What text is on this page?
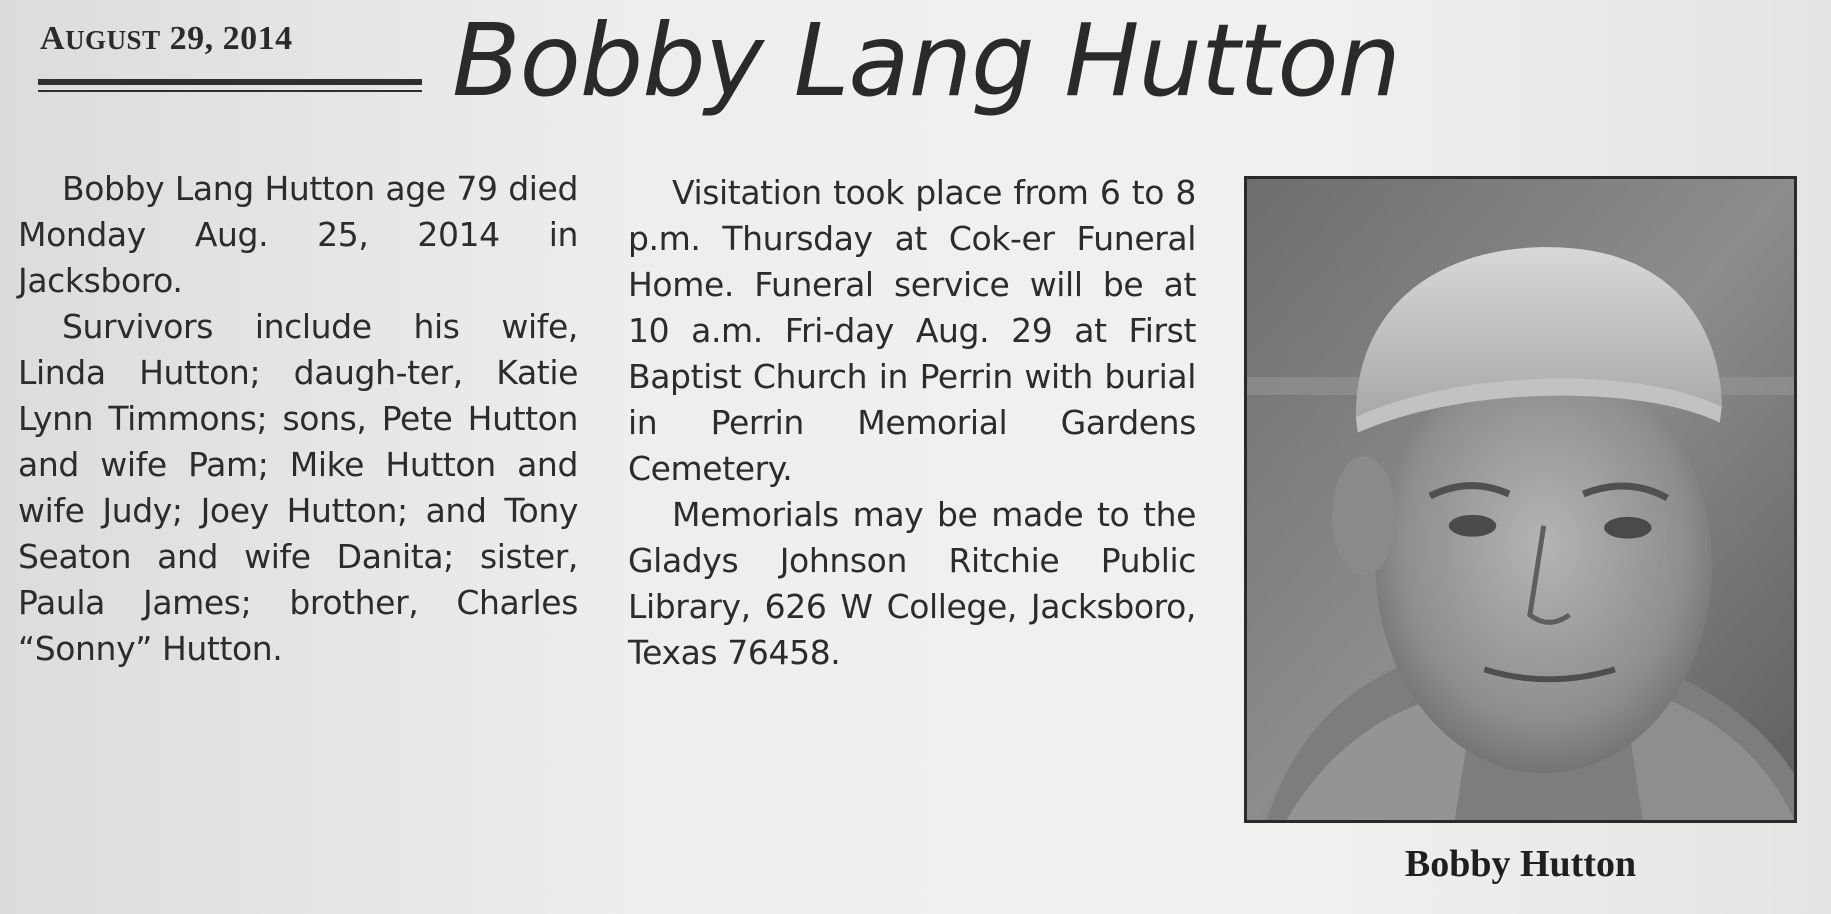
AUGUST 29, 2014 Bobby Lang Hutton

Bobby Lang Hutton age 79 died Monday Aug. 25, 2014 in Jacksboro.

Survivors include his wife, Linda Hutton; daugh-ter, Katie Lynn Timmons; sons, Pete Hutton and wife Pam; Mike Hutton and wife Judy; Joey Hutton; and Tony Seaton and wife Danita; sister, Paula James; brother, Charles “Sonny” Hutton.

Visitation took place from 6 to 8 p.m. Thursday at Cok-er Funeral Home. Funeral service will be at 10 a.m. Fri-day Aug. 29 at First Baptist Church in Perrin with burial in Perrin Memorial Gardens Cemetery.

Memorials may be made to the Gladys Johnson Ritchie Public Library, 626 W College, Jacksboro, Texas 76458.

Bobby Hutton
